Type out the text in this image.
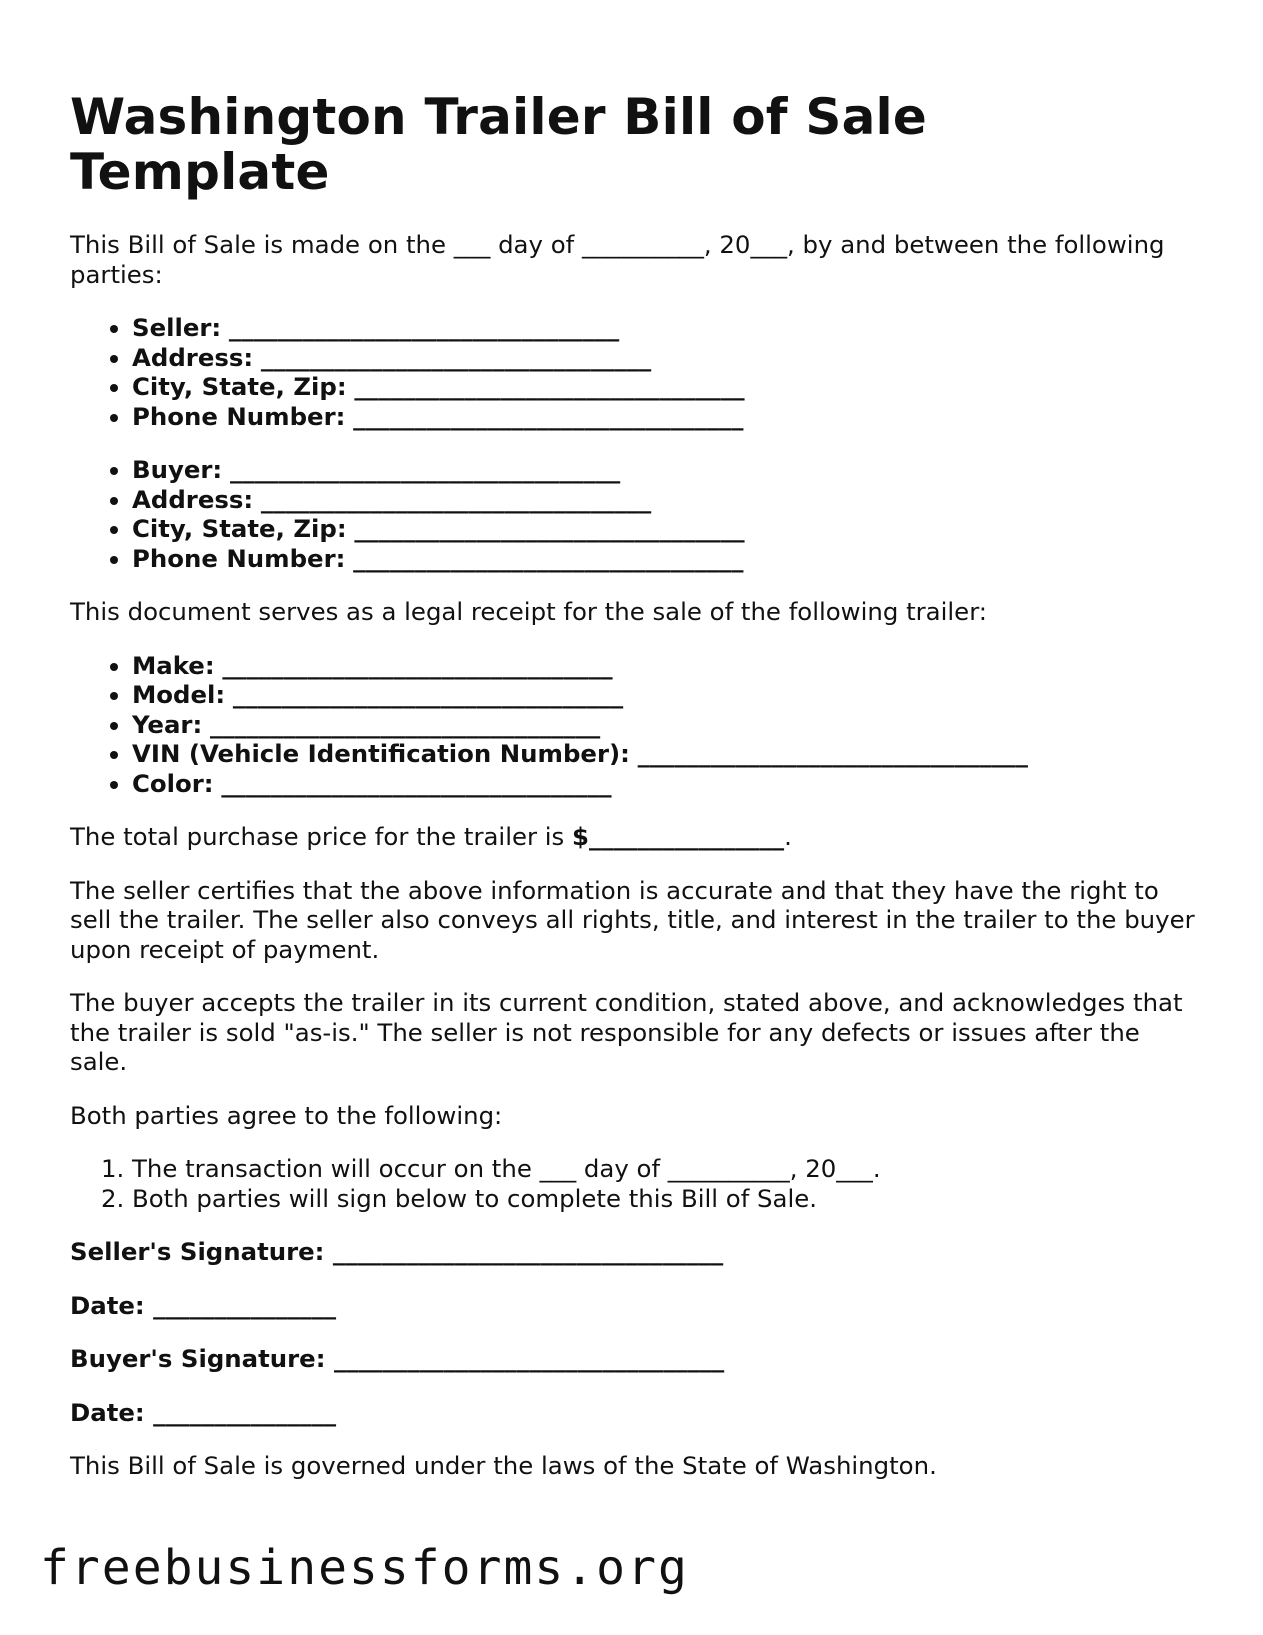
Washington Trailer Bill of Sale Template

This Bill of Sale is made on the ___ day of __________, 20___, by and between the following parties:

• Seller: ________________________________
• Address: ________________________________
• City, State, Zip: ________________________________
• Phone Number: ________________________________
• Buyer: ________________________________
• Address: ________________________________
• City, State, Zip: ________________________________
• Phone Number: ________________________________

This document serves as a legal receipt for the sale of the following trailer:

• Make: ________________________________
• Model: ________________________________
• Year: ________________________________
• VIN (Vehicle Identification Number): ________________________________
• Color: ________________________________

The total purchase price for the trailer is $________________.

The seller certifies that the above information is accurate and that they have the right to sell the trailer. The seller also conveys all rights, title, and interest in the trailer to the buyer upon receipt of payment.

The buyer accepts the trailer in its current condition, stated above, and acknowledges that the trailer is sold "as-is." The seller is not responsible for any defects or issues after the sale.

Both parties agree to the following:

1. The transaction will occur on the ___ day of __________, 20___.
2. Both parties will sign below to complete this Bill of Sale.
Seller's Signature: ________________________________
Date: _______________
Buyer's Signature: ________________________________
Date: _______________

This Bill of Sale is governed under the laws of the State of Washington.

freebusinessforms.org
